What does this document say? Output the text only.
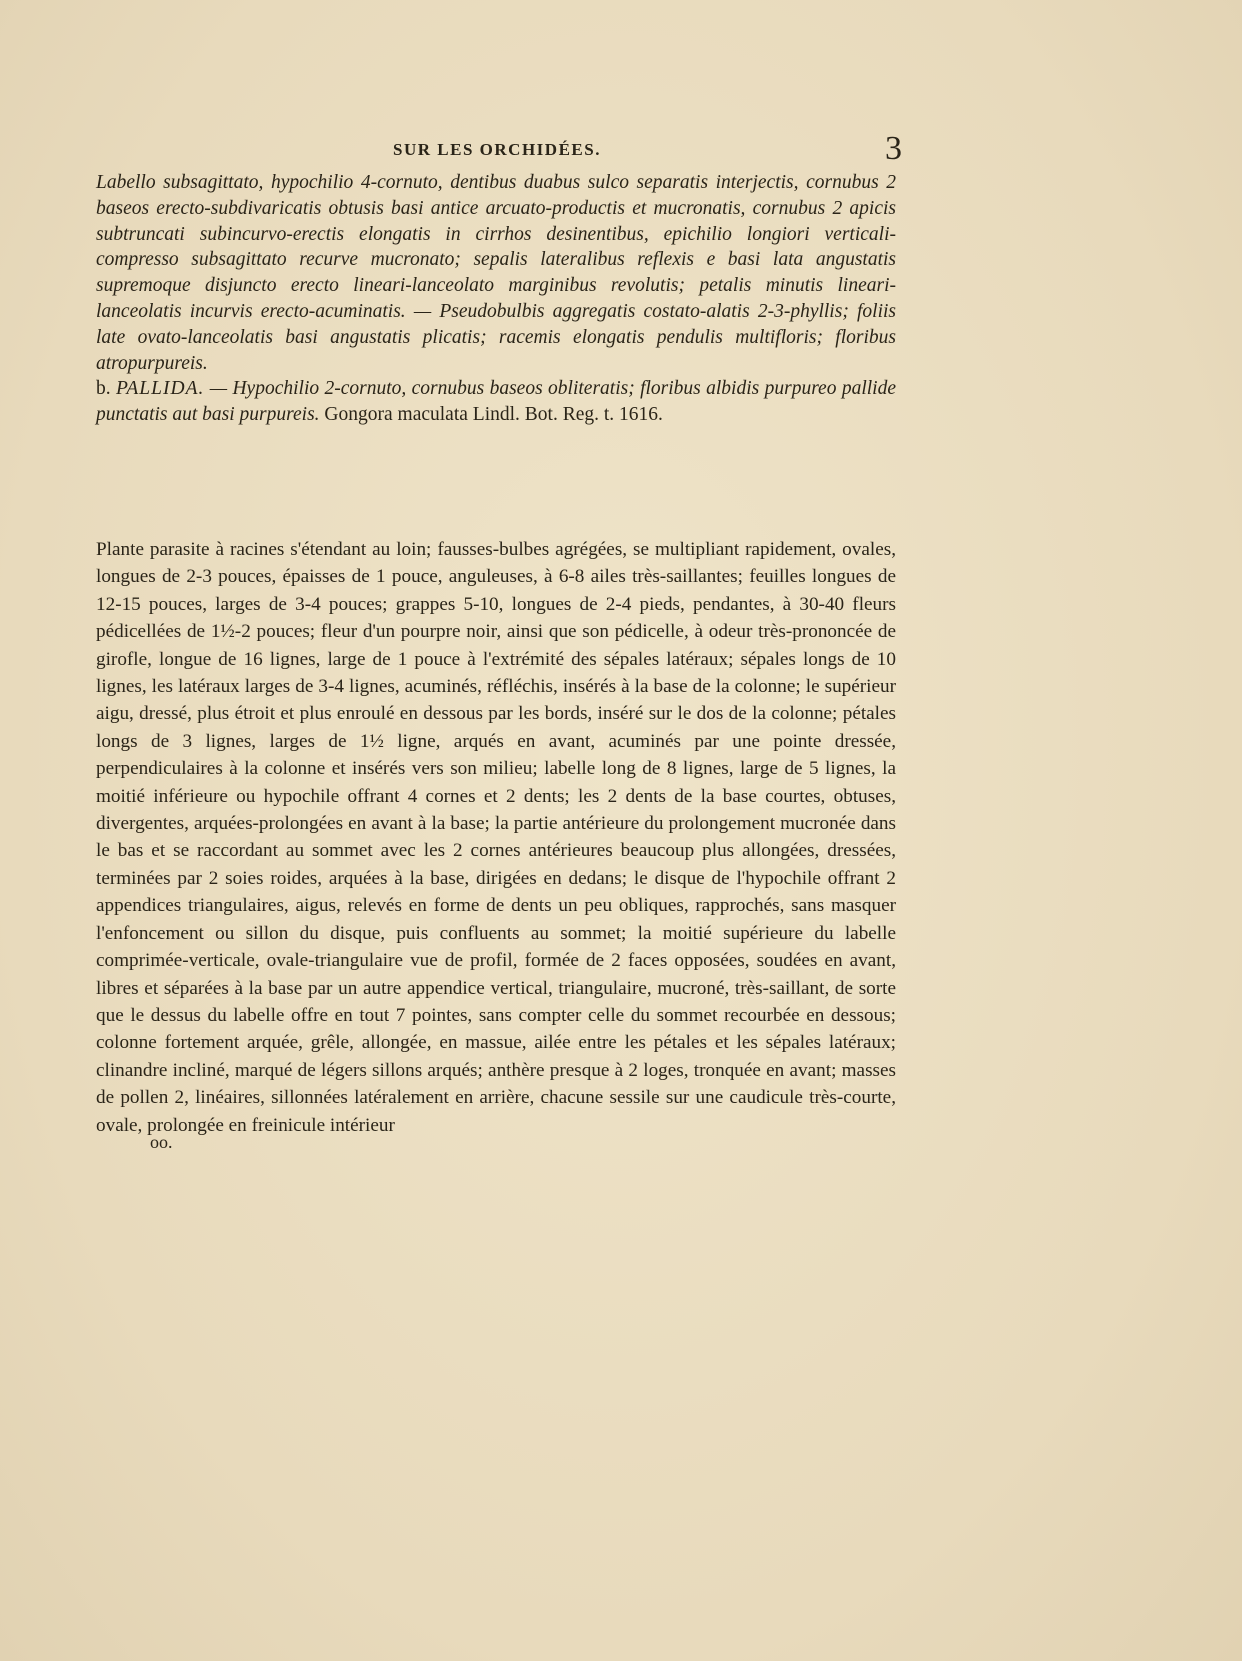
SUR LES ORCHIDÉES.	3

Labello subsagittato, hypochilio 4-cornuto, dentibus duabus sulco separatis interjectis, cornubus 2 baseos erecto-subdivaricatis obtusis basi antice arcuato-productis et mucronatis, cornubus 2 apicis subtruncati subincurvo-erectis elongatis in cirrhos desinentibus, epichilio longiori verticali-compresso subsagittato recurve mucronato; sepalis lateralibus reflexis e basi lata angustatis supremoque disjuncto erecto lineari-lanceolato marginibus revolutis; petalis minutis lineari-lanceolatis incurvis erecto-acuminatis. — Pseudobulbis aggregatis costato-alatis 2-3-phyllis; foliis late ovato-lanceolatis basi angustatis plicatis; racemis elongatis pendulis multifloris; floribus atropurpureis.

b. PALLIDA. — Hypochilio 2-cornuto, cornubus baseos obliteratis; floribus albidis purpureo pallide punctatis aut basi purpureis. Gongora maculata Lindl. Bot. Reg. t. 1616.

Plante parasite à racines s'étendant au loin; fausses-bulbes agrégées, se multipliant rapidement, ovales, longues de 2-3 pouces, épaisses de 1 pouce, anguleuses, à 6-8 ailes très-saillantes; feuilles longues de 12-15 pouces, larges de 3-4 pouces; grappes 5-10, longues de 2-4 pieds, pendantes, à 30-40 fleurs pédicellées de 1½-2 pouces; fleur d'un pourpre noir, ainsi que son pédicelle, à odeur très-prononcée de girofle, longue de 16 lignes, large de 1 pouce à l'extrémité des sépales latéraux; sépales longs de 10 lignes, les latéraux larges de 3-4 lignes, acuminés, réfléchis, insérés à la base de la colonne; le supérieur aigu, dressé, plus étroit et plus enroulé en dessous par les bords, inséré sur le dos de la colonne; pétales longs de 3 lignes, larges de 1½ ligne, arqués en avant, acuminés par une pointe dressée, perpendiculaires à la colonne et insérés vers son milieu; labelle long de 8 lignes, large de 5 lignes, la moitié inférieure ou hypochile offrant 4 cornes et 2 dents; les 2 dents de la base courtes, obtuses, divergentes, arquées-prolongées en avant à la base; la partie antérieure du prolongement mucronée dans le bas et se raccordant au sommet avec les 2 cornes antérieures beaucoup plus allongées, dressées, terminées par 2 soies roides, arquées à la base, dirigées en dedans; le disque de l'hypochile offrant 2 appendices triangulaires, aigus, relevés en forme de dents un peu obliques, rapprochés, sans masquer l'enfoncement ou sillon du disque, puis confluents au sommet; la moitié supérieure du labelle comprimée-verticale, ovale-triangulaire vue de profil, formée de 2 faces opposées, soudées en avant, libres et séparées à la base par un autre appendice vertical, triangulaire, mucroné, très-saillant, de sorte que le dessus du labelle offre en tout 7 pointes, sans compter celle du sommet recourbée en dessous; colonne fortement arquée, grêle, allongée, en massue, ailée entre les pétales et les sépales latéraux; clinandre incliné, marqué de légers sillons arqués; anthère presque à 2 loges, tronquée en avant; masses de pollen 2, linéaires, sillonnées latéralement en arrière, chacune sessile sur une caudicule très-courte, ovale, prolongée en freinicule intérieur

oo.
